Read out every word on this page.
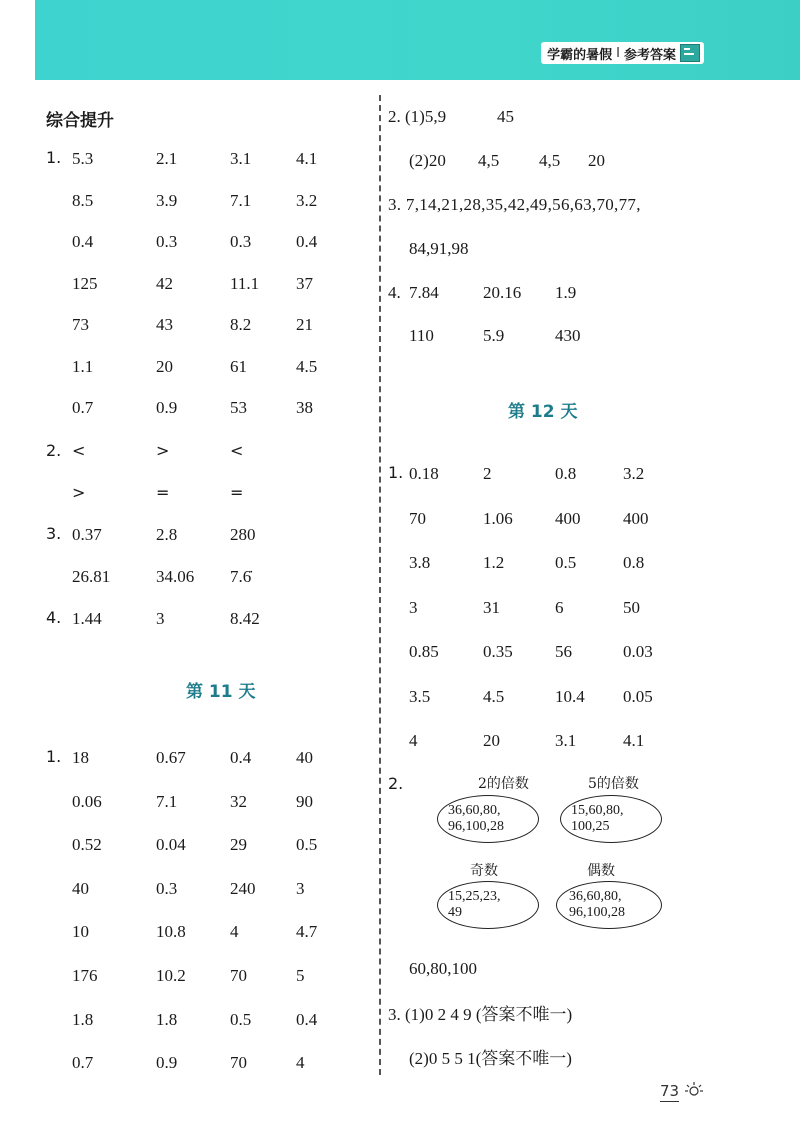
学霸的暑假 I 参考答案
综合提升
1. 5.3	2.1	3.1	4.1
8.5	3.9	7.1	3.2
0.4	0.3	0.3	0.4
125	42	11.1 37
73	43	8.2	21
1.1	20	61	4.5
0.7	0.9	53	38
2. <	>	<
>	=	=
3. 0.37	2.8	280
26.81	34.06 7.6̇
4. 1.44	3	8.42
第 11 天
1. 18	0.67	0.4	40
0.06	7.1	32	90
0.52	0.04	29	0.5
40	0.3	240 3
10	10.8	4	4.7
176	10.2	70	5
1.8	1.8	0.5	0.4
0.7	0.9	70	4
2. (1)5,9	45
(2)20 4,5 4,5 20
3. 7,14,21,28,35,42,49,56,63,70,77,
84,91,98
4. 7.84	20.16 1.9
110	5.9	430
第 12 天
1. 0.18	2	0.8	3.2
70	1.06 400	400
3.8	1.2	0.5	0.8
3	31	6	50
0.85	0.35 56	0.03
3.5	4.5	10.4 0.05
4	20	3.1	4.1
2.	2的倍数
36,60,80,
96,100,28
5的倍数
15,60,80,
100,25
奇数
15,25,23,
49
偶数
36,60,80,
96,100,28
60,80,100
3. (1)0 2 4 9 (答案不唯一)
(2)0 5 5 1(答案不唯一)
73
